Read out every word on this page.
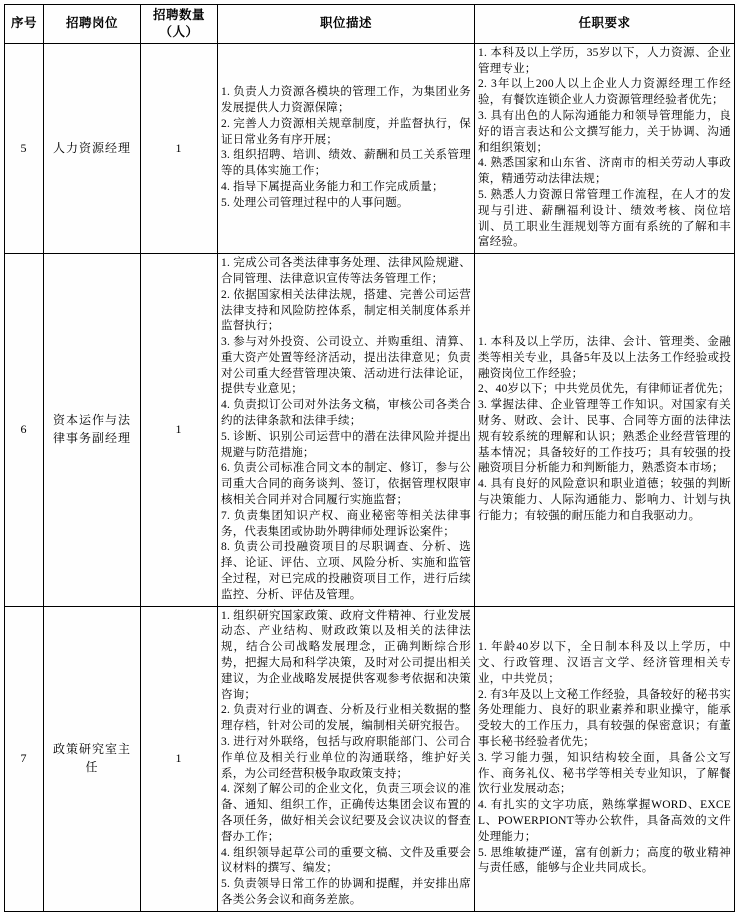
序号	招聘岗位	招聘数量（人）	职位描述	任职要求
5	人力资源经理	1	
1. 负责人力资源各模块的管理工作，为集团业务发展提供人力资源保障；
2. 完善人力资源相关规章制度，并监督执行，保证日常业务有序开展；
3. 组织招聘、培训、绩效、薪酬和员工关系管理等的具体实施工作；
4. 指导下属提高业务能力和工作完成质量；
5. 处理公司管理过程中的人事问题。

1. 本科及以上学历，35岁以下，人力资源、企业管理专业；
2. 3年以上200人以上企业人力资源经理工作经验，有餐饮连锁企业人力资源管理经验者优先；
3. 具有出色的人际沟通能力和领导管理能力，良好的语言表达和公文撰写能力，关于协调、沟通和组织策划；
4. 熟悉国家和山东省、济南市的相关劳动人事政策，精通劳动法律法规；
5. 熟悉人力资源日常管理工作流程，在人才的发现与引进、薪酬福利设计、绩效考核、岗位培训、员工职业生涯规划等方面有系统的了解和丰富经验。

6	资本运作与法律事务副经理	1	
1. 完成公司各类法律事务处理、法律风险规避、合同管理、法律意识宣传等法务管理工作；
2. 依据国家相关法律法规，搭建、完善公司运营法律支持和风险防控体系，制定相关制度体系并监督执行；
3. 参与对外投资、公司设立、并购重组、清算、重大资产处置等经济活动，提出法律意见；负责对公司重大经营管理决策、活动进行法律论证，提供专业意见；
4. 负责拟订公司对外法务文稿，审核公司各类合约的法律条款和法律手续；
5. 诊断、识别公司运营中的潜在法律风险并提出规避与防范措施；
6. 负责公司标准合同文本的制定、修订，参与公司重大合同的商务谈判、签订，依据管理权限审核相关合同并对合同履行实施监督；
7. 负责集团知识产权、商业秘密等相关法律事务，代表集团或协助外聘律师处理诉讼案件；
8. 负责公司投融资项目的尽职调查、分析、选择、论证、评估、立项、风险分析、实施和监管全过程，对已完成的投融资项目工作，进行后续监控、分析、评估及管理。

1. 本科及以上学历，法律、会计、管理类、金融类等相关专业，具备5年及以上法务工作经验或投融资岗位工作经验；
2、40岁以下；中共党员优先，有律师证者优先；
3. 掌握法律、企业管理等工作知识。对国家有关财务、财政、会计、民事、合同等方面的法律法规有较系统的理解和认识；熟悉企业经营管理的基本情况；具备较好的工作技巧；具有较强的投融资项目分析能力和判断能力，熟悉资本市场；
4. 具有良好的风险意识和职业道德；较强的判断与决策能力、人际沟通能力、影响力、计划与执行能力；有较强的耐压能力和自我驱动力。

7	政策研究室主任	1	
1. 组织研究国家政策、政府文件精神、行业发展动态、产业结构、财政政策以及相关的法律法规，结合公司战略发展理念，正确判断综合形势，把握大局和科学决策，及时对公司提出相关建议，为企业战略发展提供客观参考依据和决策咨询；
2. 负责对行业的调查、分析及行业相关数据的整理存档，针对公司的发展，编制相关研究报告。
3. 进行对外联络，包括与政府职能部门、公司合作单位及相关行业单位的沟通联络，维护好关系，为公司经营积极争取政策支持；
4. 深刻了解公司的企业文化，负责三项会议的准备、通知、组织工作，正确传达集团会议布置的各项任务，做好相关会议纪要及会议决议的督查督办工作；
4. 组织领导起草公司的重要文稿、文件及重要会议材料的撰写、编发；
5. 负责领导日常工作的协调和提醒，并安排出席各类公务会议和商务差旅。

1. 年龄40岁以下，全日制本科及以上学历，中文、行政管理、汉语言文学、经济管理相关专业，中共党员；
2. 有3年及以上文秘工作经验，具备较好的秘书实务处理能力、良好的职业素养和职业操守，能承受较大的工作压力，具有较强的保密意识；有董事长秘书经验者优先；
3. 学习能力强，知识结构较全面，具备公文写作、商务礼仪、秘书学等相关专业知识，了解餐饮行业发展动态；
4. 有扎实的文字功底，熟练掌握WORD、EXCEL、POWERPIONT等办公软件，具备高效的文件处理能力；
5. 思维敏捷严谨，富有创新力；高度的敬业精神与责任感，能够与企业共同成长。
